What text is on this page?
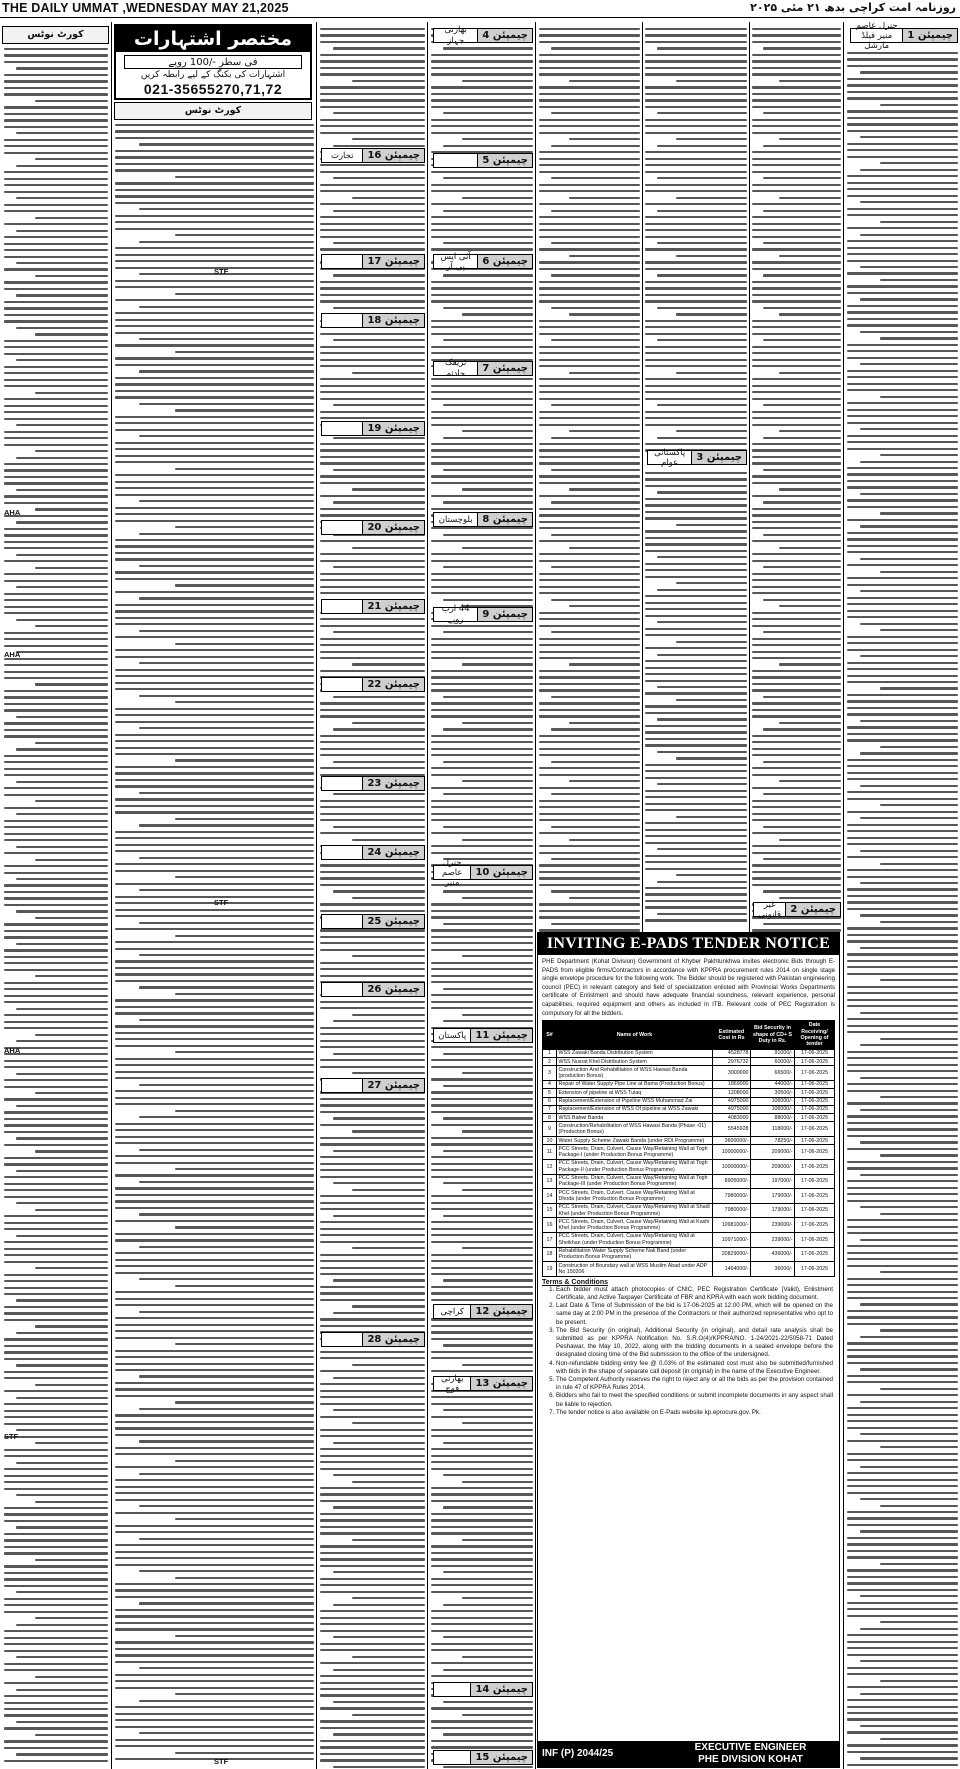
THE DAILY UMMAT ,WEDNESDAY MAY 21,2025	روزنامہ امت کراچی بدھ ۲۱ مئی ۲۰۲۵
چیمپئن 1
جنرل عاصم منیر فیلڈ مارشل
چیمپئن 2
غیر قانونی
چیمپئن 3
پاکستانی عوام
چیمپئن 4
بھارتی جہاز
چیمپئن 5
چیمپئن 6
آئی ایس پی آر
چیمپئن 7
ٹریفک حادثہ
چیمپئن 8
بلوچستان
چیمپئن 9
44 ارب روپے
چیمپئن 10
جنرل عاصم منیر
چیمپئن 11
پاکستان
چیمپئن 12
کراچی
چیمپئن 13
بھارتی فوج
چیمپئن 14
چیمپئن 15
چیمپئن 16
تجارت
چیمپئن 17
چیمپئن 18
چیمپئن 19
چیمپئن 20
چیمپئن 21
چیمپئن 22
چیمپئن 23
چیمپئن 24
چیمپئن 25
چیمپئن 26
چیمپئن 27
چیمپئن 28
مختصر اشتہارات
فی سطر -/100 روپے
اشتہارات کی بکنگ کے لیے رابطہ کریں
021-35655270,71,72
کورٹ نوٹس
کورٹ نوٹس
STF
STF
STF
AHA
AHA
AHA
STF
INVITING E-PADS TENDER NOTICE
PHE Department (Kohat Division) Government of Khyber Pakhtunkhwa invites electronic Bids through E-PADS from eligible firms/Contractors in accordance with KPPRA procurement rules 2014 on single stage single envelope procedure for the following work. The Bidder should be registered with Pakistan engineering council (PEC) in relevant category and field of specialization enlisted with Provincial Works Departments certificate of Enlistment and should have adequate financial soundness, relevant experience, personal capabilities, required equipment and others as included in ITB. Relevant code of PEC Registration is compulsory for all the bidders.
S#	Name of Work	Estimated Cost in Rs	Bid Security in shape of CD+ S Duty in Rs.	Date Receiving/ Opening of tender
1	WSS Zawaki Banda Distribution System	4528778	91000/-	17-06-2025
2	WSS Nusrat Khel Distribution System	2976732	60000/-	17-06-2025
3	Construction And Rehabilitation of WSS Hawasi Banda (production Bonus)	3000000	66500/-	17-06-2025
4	Repair of Water Supply Pipe Line at Bama (Production Bonus)	1869000	44000/-	17-06-2025
5	Extension of pipeline at WSS Tulaq	1208000	30500/-	17-06-2025
6	Replacement/Extension of Pipeline WSS Muhammad Zai	4975000	106000/-	17-06-2025
7	Replacement/Extension of WSS Of pipeline at WSS Zawaki	4975000	106000/-	17-06-2025
8	WSS Babwi Banda	4083000	88000/-	17-06-2025
9	Construction/Rehabilitation of WSS Hawasi Banda (Phase -01) (Production Bonus)	5545928	118000/-	17-06-2025
10	Water Supply Scheme Zawaki Banda (under RDI Programme)	3600000/-	78250/-	17-06-2025
11	PCC Streets, Drain, Culvert, Cause Way/Retaining Wall at Togh Package-I (under Production Bonus Programme)	10000000/-	209000/-	17-06-2025
12	PCC Streets, Drain, Culvert, Cause Way/Retaining Wall at Togh Package-II (under Production Bonus Programme)	10000000/-	209000/-	17-06-2025
13	PCC Streets, Drain, Culvert, Cause Way/Retaining Wall at Togh Package-III (under Production Bonus Programme)	8905000/-	197000/-	17-06-2025
14	PCC Streets, Drain, Culvert, Cause Way/Retaining Wall at Dhoda (under Production Bonus Programme)	7980000/-	179000/-	17-06-2025
15	PCC Streets, Drain, Culvert, Cause Way/Retaining Wall at Shadi Khel (under Production Bonus Programme)	7980000/-	179000/-	17-06-2025
16	PCC Streets, Drain, Culvert, Cause Way/Retaining Wall at Kashi Khel (under Production Bonus Programme)	10981000/-	239000/-	17-06-2025
17	PCC Streets, Drain, Culvert, Cause Way/Retaining Wall at Sheikhan (under Production Bonus Programme)	10971000/-	239000/-	17-06-2025
18	Rehabilitation Water Supply Scheme Nak Band (under Production Bonus Programme)	20829000/-	436000/-	17-06-2025
19	Construction of Boundary wall at WSS Muslim Abad under ADP No 150206	1464000/-	36000/-	17-06-2025
Terms & Conditions
1. Each bidder must attach photocopies of CNIC, PEC Registration Certificate (Valid), Enlistment Certificate, and Active Taxpayer Certificate of FBR and KPRA with each work bidding document.
2. Last Date & Time of Submission of the bid is 17-06-2025 at 12:00 PM, which will be opened on the same day at 2:00 PM in the presence of the Contractors or their authorized representative who opt to be present.
3. The Bid Security (in original), Additional Security (in original), and detail rate analysis shall be submitted as per KPPRA Notification No. S.R.O(4)/KPPRA/NO. 1-24/2021-22/5058-71 Dated Peshawar, the May 10, 2022, along with the bidding documents in a sealed envelope before the designated closing time of the Bid submission to the office of the undersigned.
4. Non-refundable bidding entry fee @ 0.03% of the estimated cost must also be submitted/furnished with bids in the shape of separate call deposit (in original) in the name of the Executive Engineer.
5. The Competent Authority reserves the right to reject any or all the bids as per the provision contained in rule 47 of KPPRA Rules 2014.
6. Bidders who fail to meet the specified conditions or submit incomplete documents in any aspect shall be liable to rejection.
7. The tender notice is also available on E-Pads website kp.eprocure.gov. Pk.
INF (P) 2044/25
EXECUTIVE ENGINEER
PHE DIVISION KOHAT
